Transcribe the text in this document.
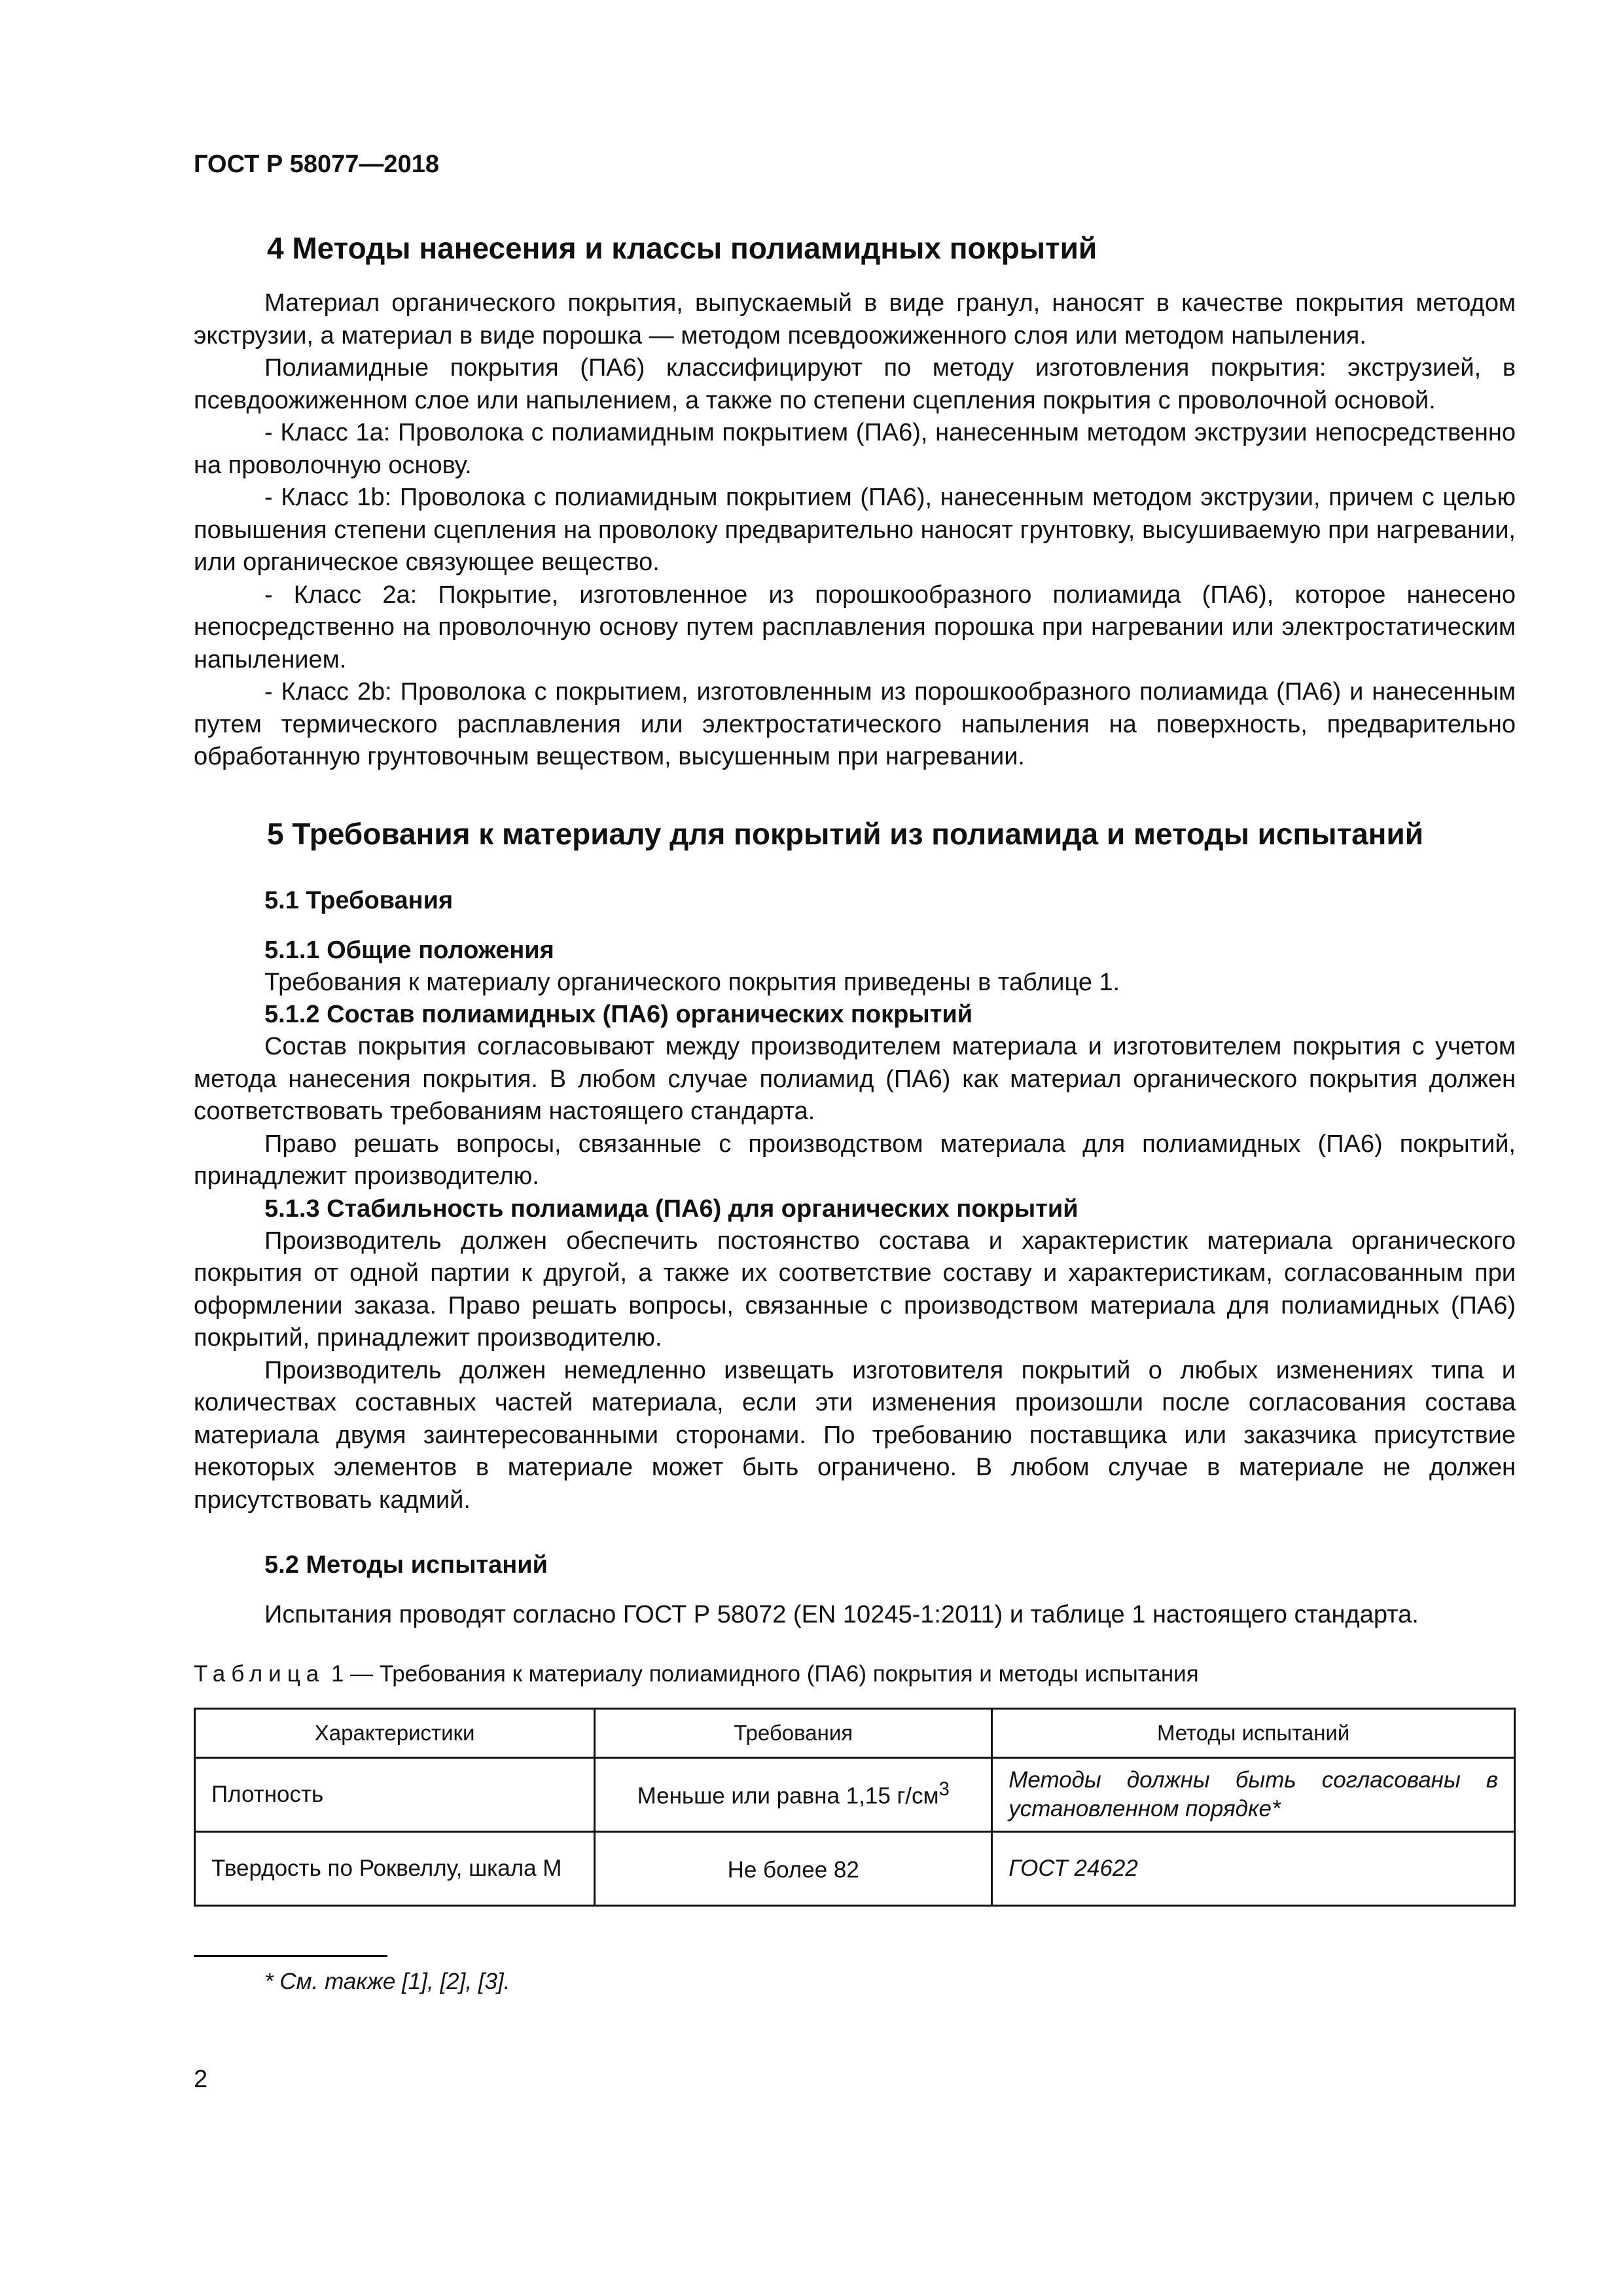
ГОСТ Р 58077—2018
4 Методы нанесения и классы полиамидных покрытий

Материал органического покрытия, выпускаемый в виде гранул, наносят в качестве покрытия методом экструзии, а материал в виде порошка — методом псевдоожиженного слоя или методом напыления.

Полиамидные покрытия (ПА6) классифицируют по методу изготовления покрытия: экструзией, в псевдоожиженном слое или напылением, а также по степени сцепления покрытия с проволочной основой.

- Класс 1a: Проволока с полиамидным покрытием (ПА6), нанесенным методом экструзии непосредственно на проволочную основу.

- Класс 1b: Проволока с полиамидным покрытием (ПА6), нанесенным методом экструзии, причем с целью повышения степени сцепления на проволоку предварительно наносят грунтовку, высушиваемую при нагревании, или органическое связующее вещество.

- Класс 2a: Покрытие, изготовленное из порошкообразного полиамида (ПА6), которое нанесено непосредственно на проволочную основу путем расплавления порошка при нагревании или электростатическим напылением.

- Класс 2b: Проволока с покрытием, изготовленным из порошкообразного полиамида (ПА6) и нанесенным путем термического расплавления или электростатического напыления на поверхность, предварительно обработанную грунтовочным веществом, высушенным при нагревании.

5 Требования к материалу для покрытий из полиамида и методы испытаний
5.1 Требования
5.1.1 Общие положения

Требования к материалу органического покрытия приведены в таблице 1.

5.1.2 Состав полиамидных (ПА6) органических покрытий

Состав покрытия согласовывают между производителем материала и изготовителем покрытия с учетом метода нанесения покрытия. В любом случае полиамид (ПА6) как материал органического покрытия должен соответствовать требованиям настоящего стандарта.

Право решать вопросы, связанные с производством материала для полиамидных (ПА6) покрытий, принадлежит производителю.

5.1.3 Стабильность полиамида (ПА6) для органических покрытий

Производитель должен обеспечить постоянство состава и характеристик материала органического покрытия от одной партии к другой, а также их соответствие составу и характеристикам, согласованным при оформлении заказа. Право решать вопросы, связанные с производством материала для полиамидных (ПА6) покрытий, принадлежит производителю.

Производитель должен немедленно извещать изготовителя покрытий о любых изменениях типа и количествах составных частей материала, если эти изменения произошли после согласования состава материала двумя заинтересованными сторонами. По требованию поставщика или заказчика присутствие некоторых элементов в материале может быть ограничено. В любом случае в материале не должен присутствовать кадмий.

5.2 Методы испытаний

Испытания проводят согласно ГОСТ Р 58072 (EN 10245-1:2011) и таблице 1 настоящего стандарта.

Таблица 1 — Требования к материалу полиамидного (ПА6) покрытия и методы испытания
Характеристики	Требования	Методы испытаний
Плотность	Меньше или равна 1,15 $г/см^3$	Методы должны быть согласованы в установленном порядке*
Твердость по Роквеллу, шкала М	Не более 82	ГОСТ 24622
* См. также [1], [2], [3].
2
